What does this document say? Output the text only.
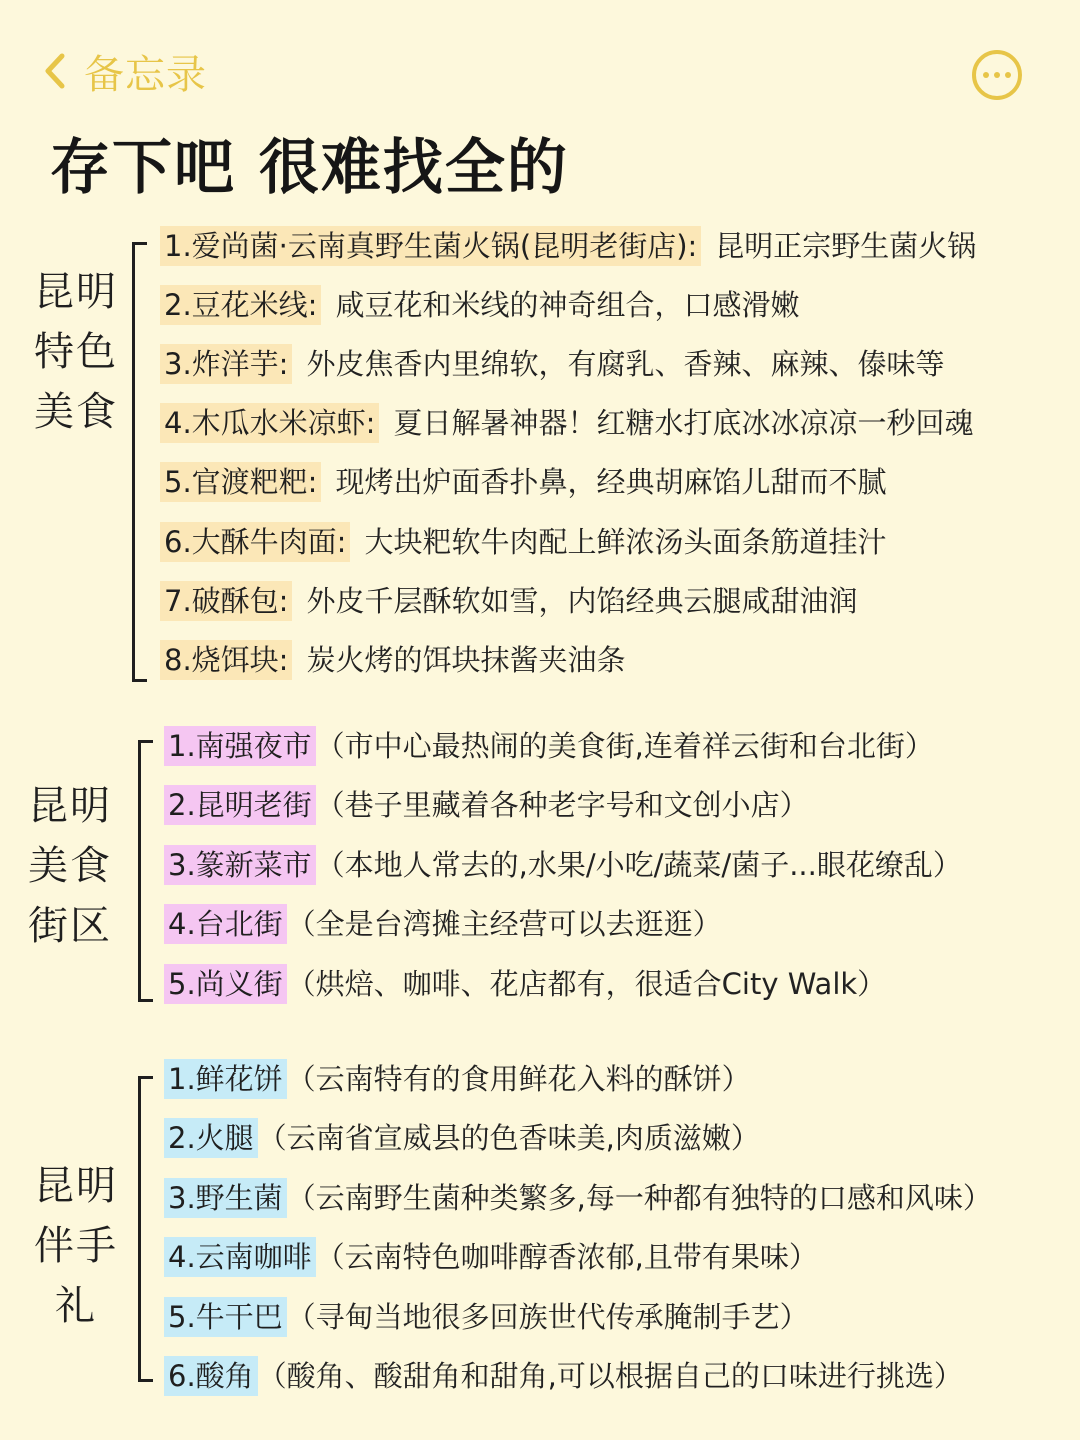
备忘录
存下吧 很难找全的
昆明
特色
美食
1.爱尚菌·云南真野生菌火锅(昆明老街店): 昆明正宗野生菌火锅
2.豆花米线: 咸豆花和米线的神奇组合，口感滑嫩
3.炸洋芋: 外皮焦香内里绵软，有腐乳、香辣、麻辣、傣味等
4.木瓜水米凉虾: 夏日解暑神器！红糖水打底冰冰凉凉一秒回魂
5.官渡粑粑: 现烤出炉面香扑鼻，经典胡麻馅儿甜而不腻
6.大酥牛肉面: 大块粑软牛肉配上鲜浓汤头面条筋道挂汁
7.破酥包: 外皮千层酥软如雪，内馅经典云腿咸甜油润
8.烧饵块: 炭火烤的饵块抹酱夹油条
昆明
美食
街区
1.南强夜市 （市中心最热闹的美食街,连着祥云街和台北街）
2.昆明老街 （巷子里藏着各种老字号和文创小店）
3.篆新菜市 （本地人常去的,水果/小吃/蔬菜/菌子...眼花缭乱）
4.台北街 （全是台湾摊主经营可以去逛逛）
5.尚义街 （烘焙、咖啡、花店都有，很适合City Walk）
昆明
伴手
礼
1.鲜花饼 （云南特有的食用鲜花入料的酥饼）
2.火腿 （云南省宣威县的色香味美,肉质滋嫩）
3.野生菌 （云南野生菌种类繁多,每一种都有独特的口感和风味）
4.云南咖啡 （云南特色咖啡醇香浓郁,且带有果味）
5.牛干巴 （寻甸当地很多回族世代传承腌制手艺）
6.酸角 （酸角、酸甜角和甜角,可以根据自己的口味进行挑选）
